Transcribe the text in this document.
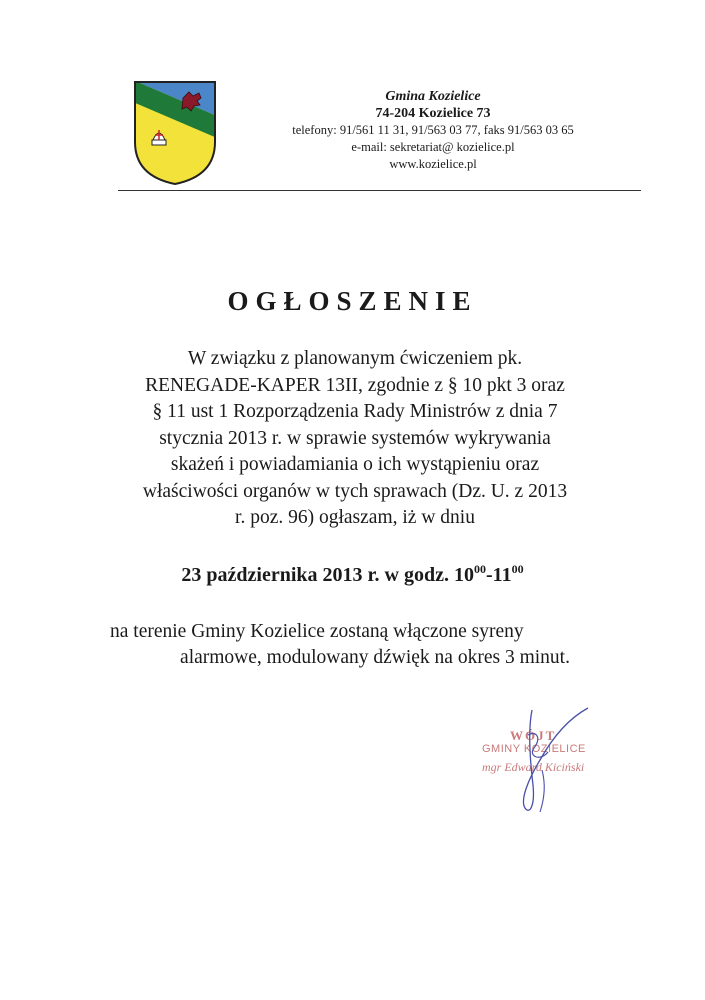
Gmina Kozielice
74-204 Kozielice 73
telefony: 91/561 11 31, 91/563 03 77, faks 91/563 03 65
e-mail: sekretariat@ kozielice.pl
www.kozielice.pl
OGŁOSZENIE
W związku z planowanym ćwiczeniem pk.
RENEGADE-KAPER 13II, zgodnie z § 10 pkt 3 oraz
§ 11 ust 1 Rozporządzenia Rady Ministrów z dnia 7
stycznia 2013 r. w sprawie systemów wykrywania
skażeń i powiadamiania o ich wystąpieniu oraz
właściwości organów w tych sprawach (Dz. U. z 2013
r. poz. 96) ogłaszam, iż w dniu
23 października 2013 r. w godz. $10^{00}-11^{00}$
na terenie Gminy Kozielice zostaną włączone syreny
alarmowe, modulowany dźwięk na okres 3 minut.
WÓJT
GMINY KOZIELICE
mgr Edward Kiciński
